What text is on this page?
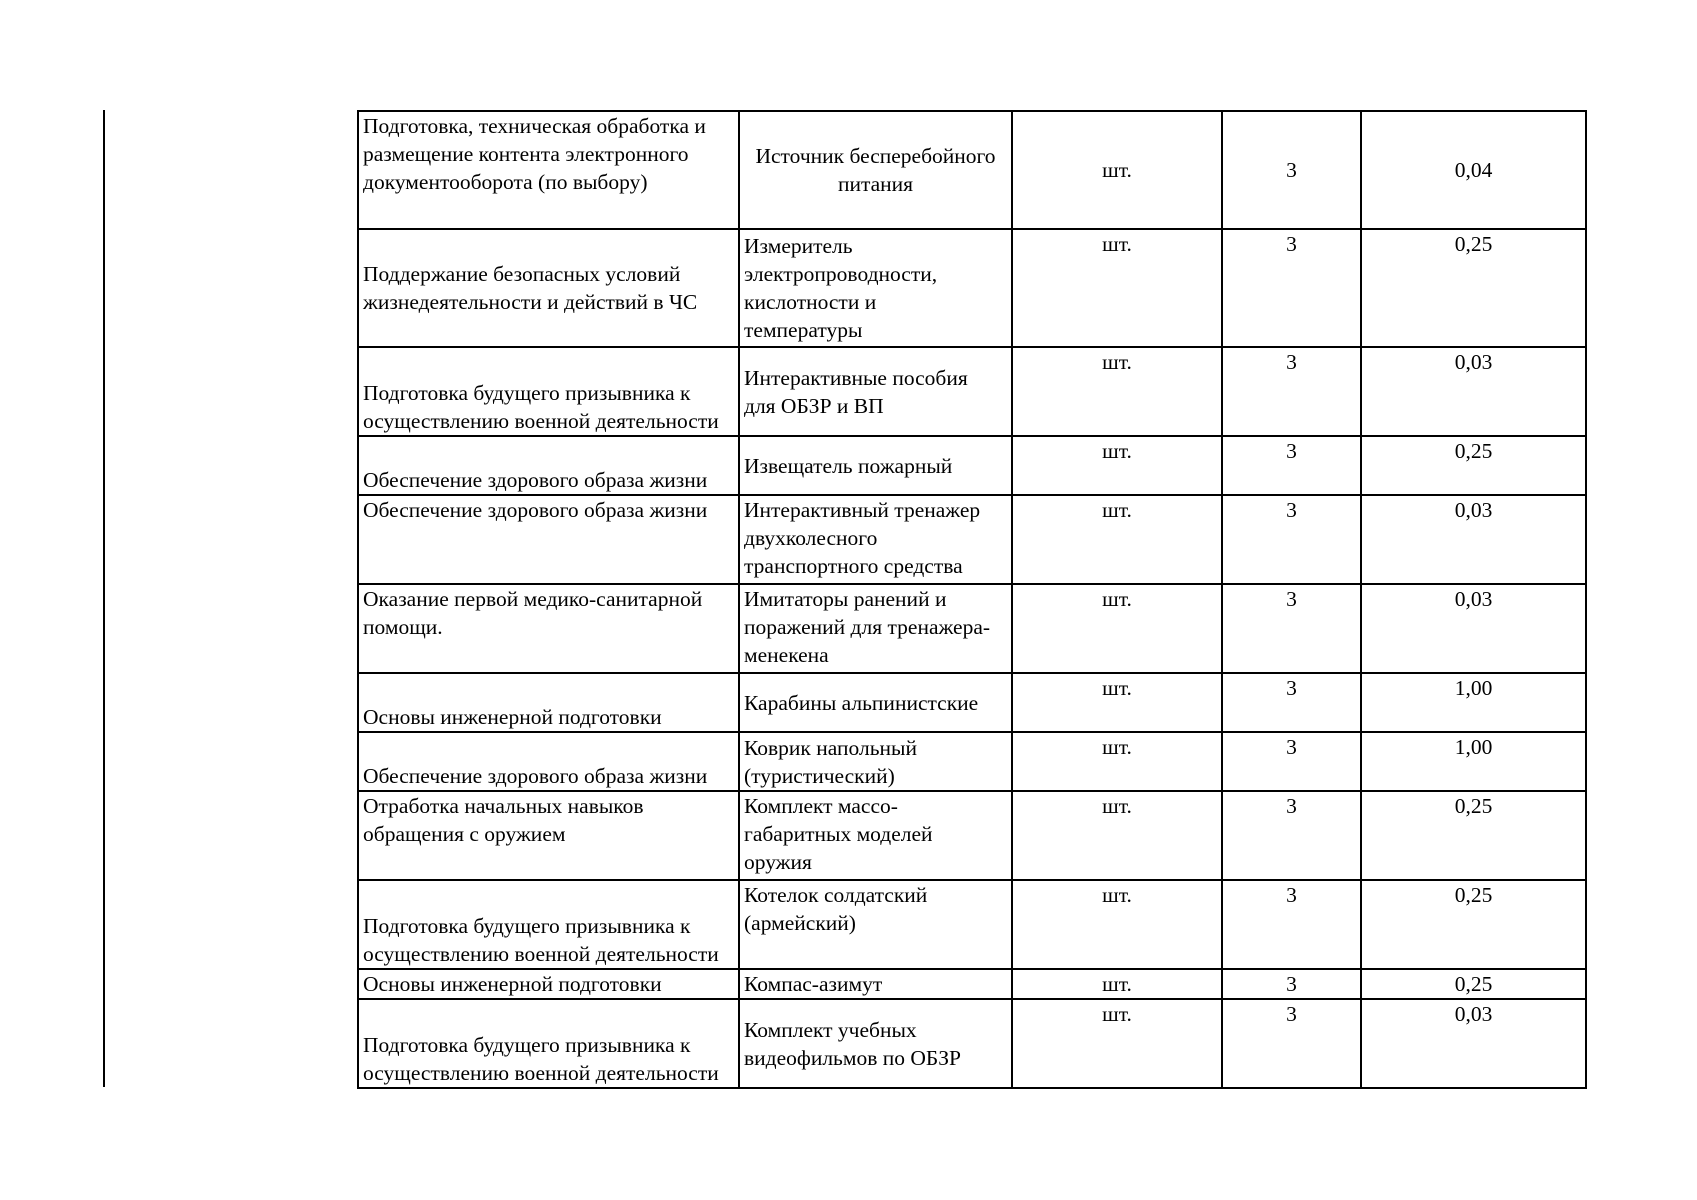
Подготовка, техническая обработка и
размещение контента электронного
документооборота (по выбору)	Источник бесперебойного
питания	шт.	3	0,04

Поддержание безопасных условий
жизнедеятельности и действий в ЧС	Измеритель
электропроводности,
кислотности и
температуры	шт.	3	0,25

Подготовка будущего призывника к
осуществлению военной деятельности	Интерактивные пособия
для ОБЗР и ВП	шт.	3	0,03

Обеспечение здорового образа жизни	Извещатель пожарный	шт.	3	0,25

Обеспечение здорового образа жизни	Интерактивный тренажер
двухколесного
транспортного средства	шт.	3	0,03

Оказание первой медико-санитарной
помощи.	Имитаторы ранений и
поражений для тренажера-
менекена	шт.	3	0,03

Основы инженерной подготовки	Карабины альпинистские	шт.	3	1,00

Обеспечение здорового образа жизни	Коврик напольный
(туристический)	шт.	3	1,00

Отработка начальных навыков
обращения с оружием	Комплект массо-
габаритных моделей
оружия	шт.	3	0,25

Подготовка будущего призывника к
осуществлению военной деятельности	Котелок солдатский
(армейский)	шт.	3	0,25

Основы инженерной подготовки	Компас-азимут	шт.	3	0,25

Подготовка будущего призывника к
осуществлению военной деятельности	Комплект учебных
видеофильмов по ОБЗР	шт.	3	0,03
